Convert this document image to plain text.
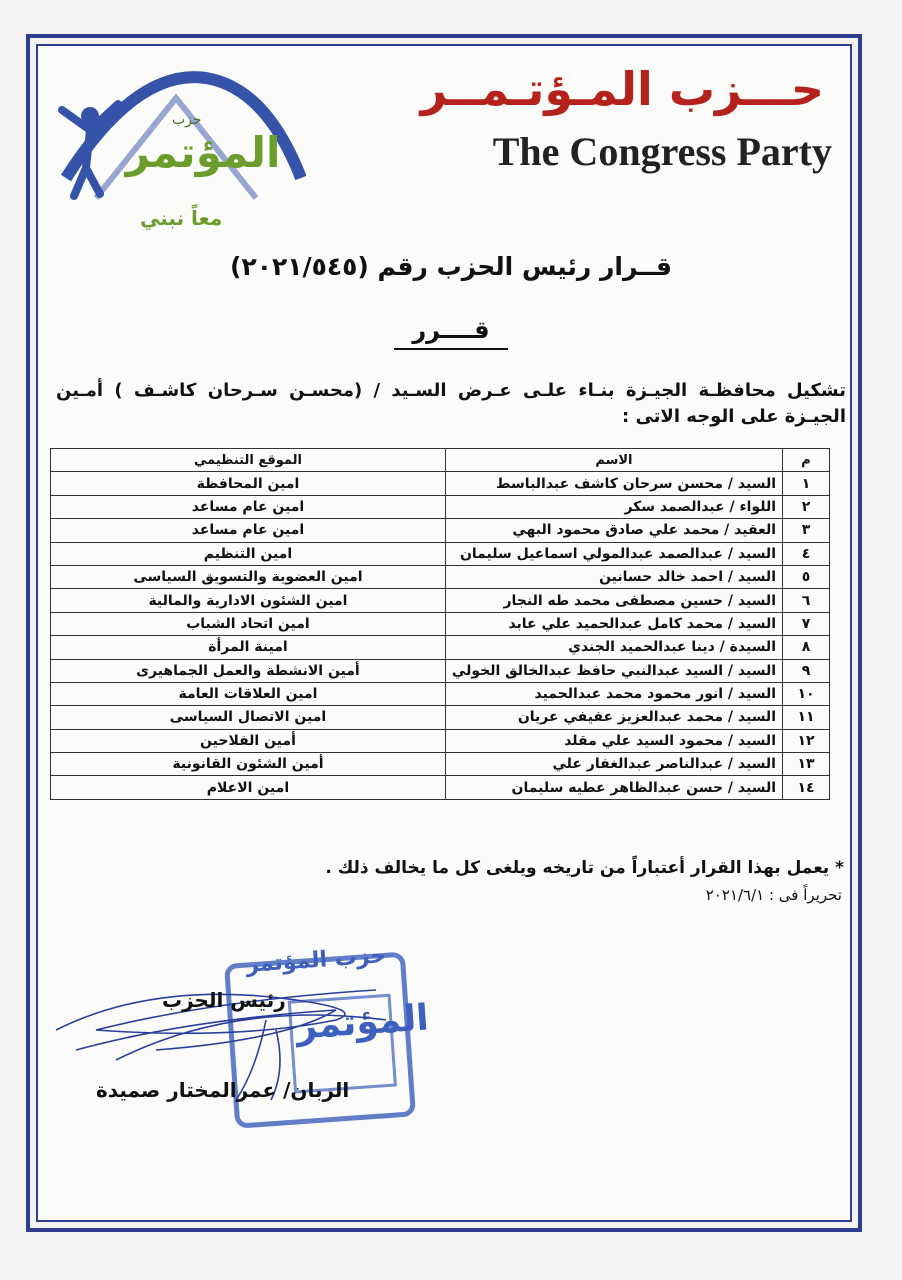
حزب
المؤتمر
معاً نبني
حـــزب المـؤتـمــر
The Congress Party
قــرار رئيس الحزب رقم (٢٠٢١/٥٤٥)
قــــرر
تشكيل محافظـة الجيـزة بنـاء علـى عـرض السـيد / (محسـن سـرحان كاشـف ) أمـين الجيـزة على الوجه الاتى :
م	الاسم	الموقع التنظيمي
١	السيد / محسن سرحان كاشف عبدالباسط	امين المحافظة
٢	اللواء / عبدالصمد سكر	امين عام مساعد
٣	العقيد / محمد علي صادق محمود البهي	امين عام مساعد
٤	السيد / عبدالصمد عبدالمولي اسماعيل سليمان	امين التنظيم
٥	السيد / احمد خالد حسانين	امين العضوية والتسويق السياسى
٦	السيد / حسين مصطفى محمد طه النجار	امين الشئون الادارية والمالية
٧	السيد / محمد كامل عبدالحميد علي عابد	امين اتحاد الشباب
٨	السيدة / دينا عبدالحميد الجندي	امينة المرأة
٩	السيد / السيد عبدالنبي حافظ عبدالخالق الخولي	أمين الانشطة والعمل الجماهيرى
١٠	السيد / انور محمود محمد عبدالحميد	امين العلاقات العامة
١١	السيد / محمد عبدالعزيز عفيفي عريان	امين الاتصال السياسى
١٢	السيد / محمود السيد علي مقلد	أمين الفلاحين
١٣	السيد / عبدالناصر عبدالغفار علي	أمين الشئون القانونية
١٤	السيد / حسن عبدالظاهر عطيه سليمان	امين الاعلام
* يعمل بهذا القرار أعتباراً من تاريخه ويلغى كل ما يخالف ذلك .
تحريراً فى : ٢٠٢١/٦/١
حزب المؤتمر
المؤتمر
رئيس الحزب
الربان/ عمرالمختار صميدة
